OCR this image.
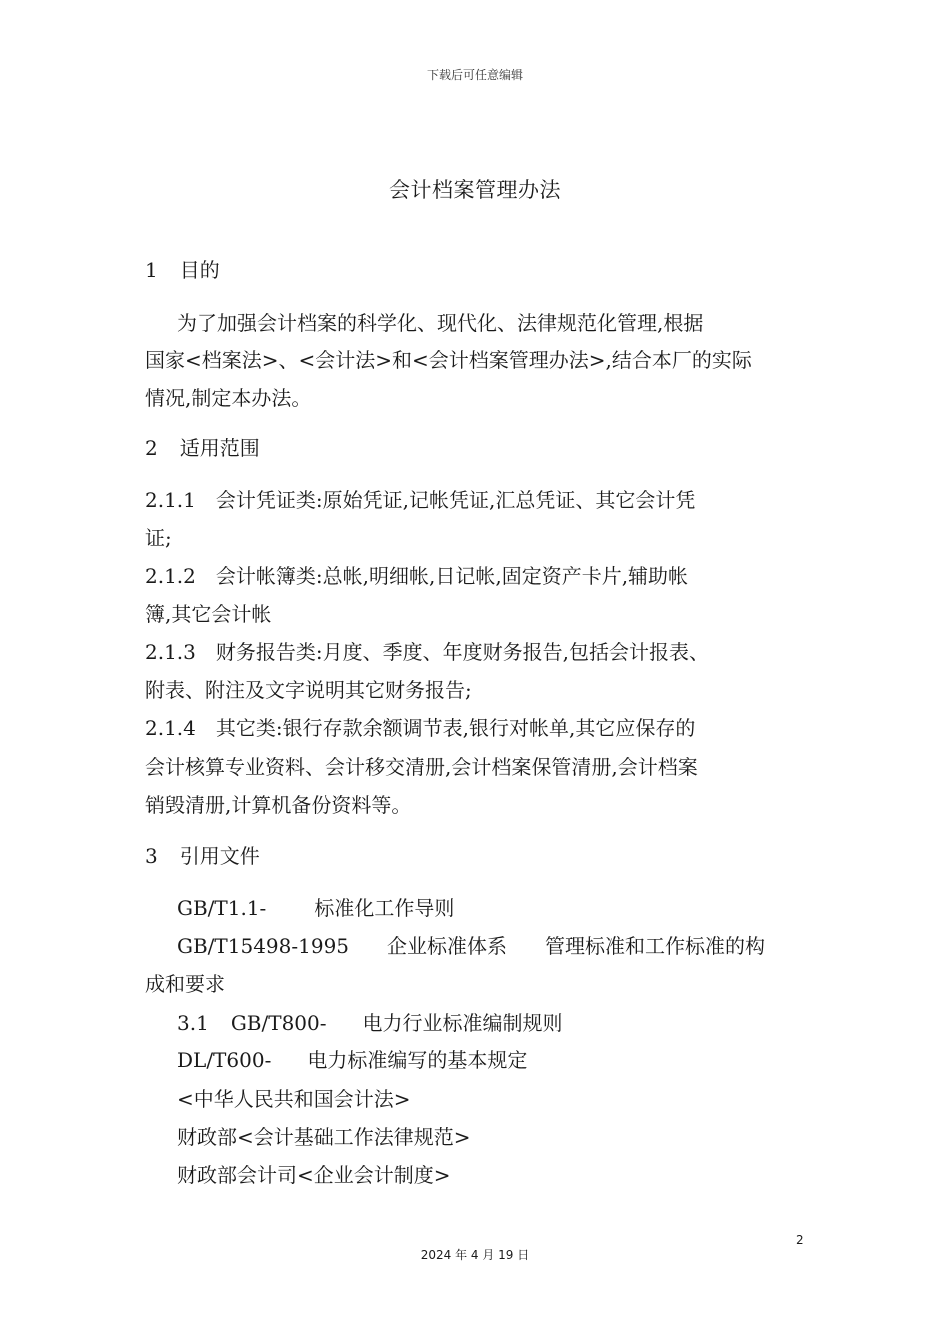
下载后可任意编辑
会计档案管理办法
1 目的
为了加强会计档案的科学化、现代化、法律规范化管理,根据
国家<档案法>、<会计法>和<会计档案管理办法>,结合本厂的实际
情况,制定本办法。
2 适用范围
2.1.1 会计凭证类:原始凭证,记帐凭证,汇总凭证、其它会计凭
证;
2.1.2 会计帐簿类:总帐,明细帐,日记帐,固定资产卡片,辅助帐
簿,其它会计帐
2.1.3 财务报告类:月度、季度、年度财务报告,包括会计报表、
附表、附注及文字说明其它财务报告;
2.1.4 其它类:银行存款余额调节表,银行对帐单,其它应保存的
会计核算专业资料、会计移交清册,会计档案保管清册,会计档案
销毁清册,计算机备份资料等。
3 引用文件
GB/T1.1- 标准化工作导则
GB/T15498-1995 企业标准体系 管理标准和工作标准的构
成和要求
3.1 GB/T800- 电力行业标准编制规则
DL/T600- 电力标准编写的基本规定
<中华人民共和国会计法>
财政部<会计基础工作法律规范>
财政部会计司<企业会计制度>
2
2024 年 4 月 19 日
